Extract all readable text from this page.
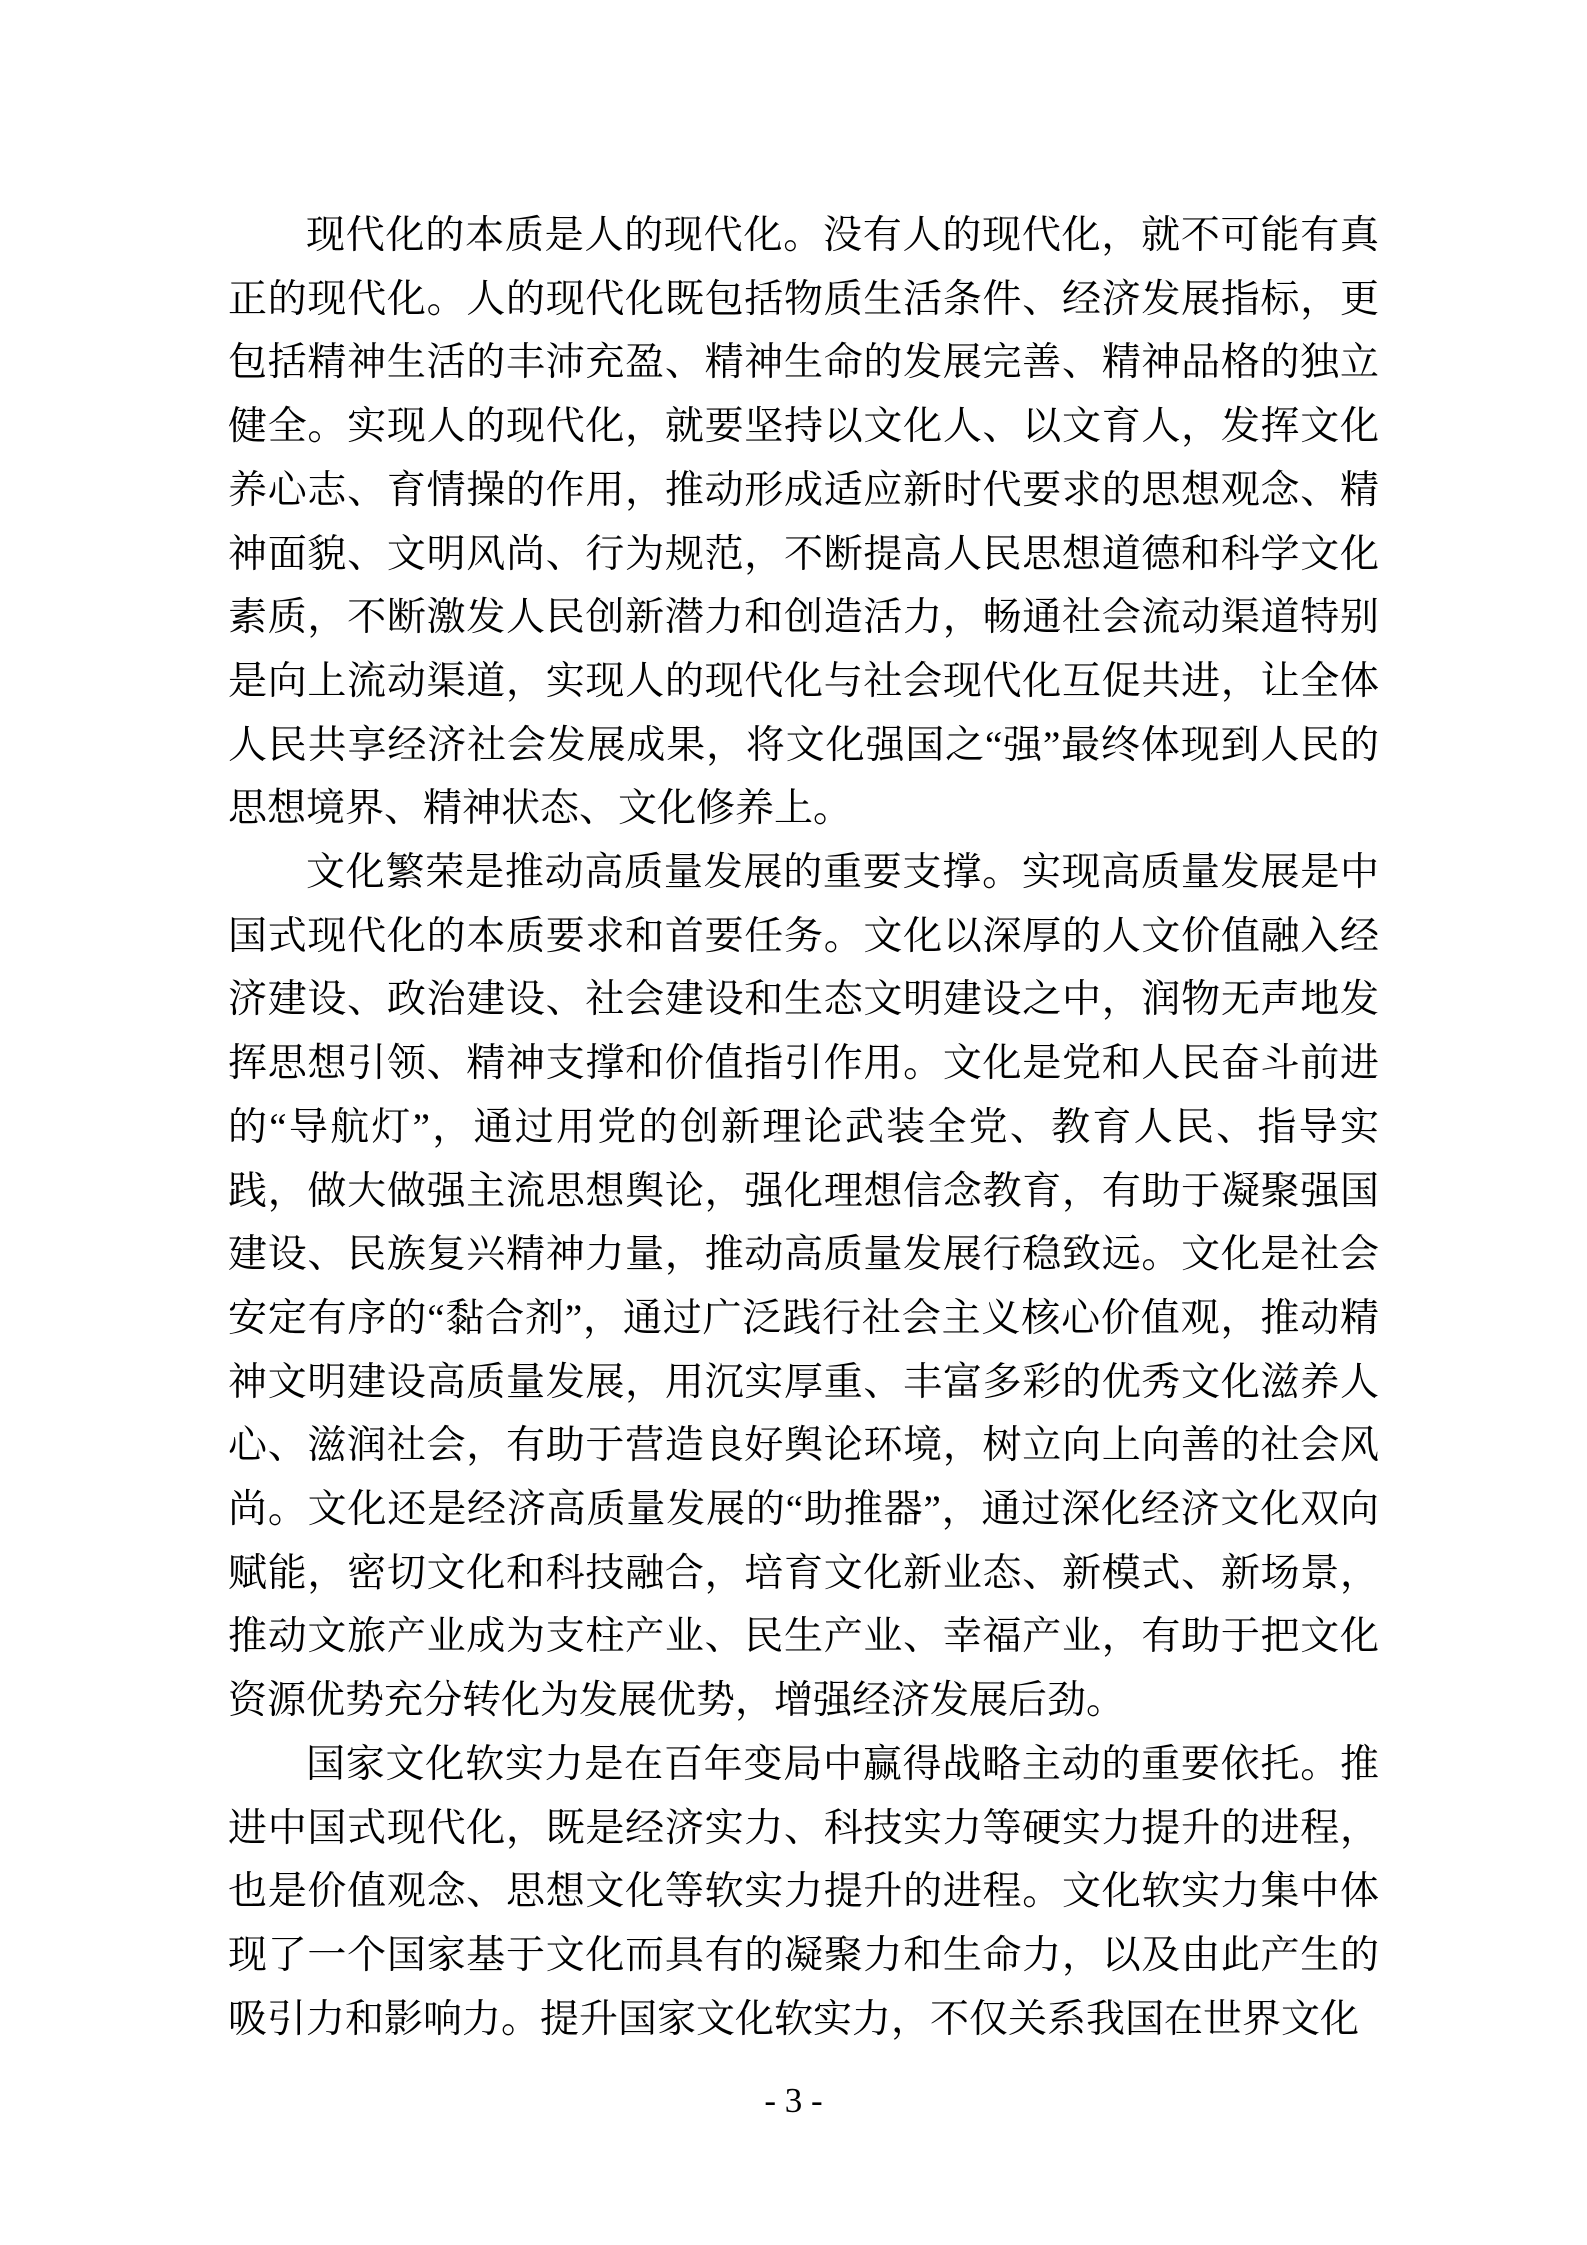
现代化的本质是人的现代化。没有人的现代化，就不可能有真正的现代化。人的现代化既包括物质生活条件、经济发展指标，更包括精神生活的丰沛充盈、精神生命的发展完善、精神品格的独立健全。实现人的现代化，就要坚持以文化人、以文育人，发挥文化养心志、育情操的作用，推动形成适应新时代要求的思想观念、精神面貌、文明风尚、行为规范，不断提高人民思想道德和科学文化素质，不断激发人民创新潜力和创造活力，畅通社会流动渠道特别是向上流动渠道，实现人的现代化与社会现代化互促共进，让全体人民共享经济社会发展成果，将文化强国之“强”最终体现到人民的思想境界、精神状态、文化修养上。

文化繁荣是推动高质量发展的重要支撑。实现高质量发展是中国式现代化的本质要求和首要任务。文化以深厚的人文价值融入经济建设、政治建设、社会建设和生态文明建设之中，润物无声地发挥思想引领、精神支撑和价值指引作用。文化是党和人民奋斗前进的“导航灯”，通过用党的创新理论武装全党、教育人民、指导实践，做大做强主流思想舆论，强化理想信念教育，有助于凝聚强国建设、民族复兴精神力量，推动高质量发展行稳致远。文化是社会安定有序的“黏合剂”，通过广泛践行社会主义核心价值观，推动精神文明建设高质量发展，用沉实厚重、丰富多彩的优秀文化滋养人心、滋润社会，有助于营造良好舆论环境，树立向上向善的社会风尚。文化还是经济高质量发展的“助推器”，通过深化经济文化双向赋能，密切文化和科技融合，培育文化新业态、新模式、新场景，推动文旅产业成为支柱产业、民生产业、幸福产业，有助于把文化资源优势充分转化为发展优势，增强经济发展后劲。

国家文化软实力是在百年变局中赢得战略主动的重要依托。推进中国式现代化，既是经济实力、科技实力等硬实力提升的进程，也是价值观念、思想文化等软实力提升的进程。文化软实力集中体现了一个国家基于文化而具有的凝聚力和生命力，以及由此产生的吸引力和影响力。提升国家文化软实力，不仅关系我国在世界文化

- 3 -
